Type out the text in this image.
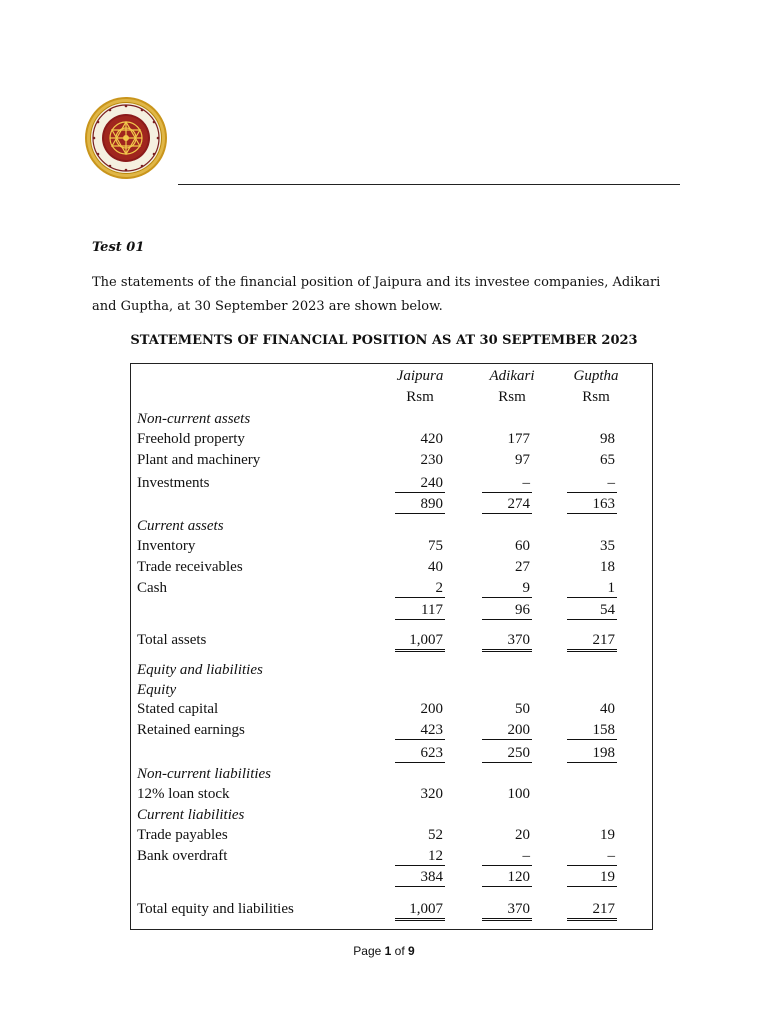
Test 01

The statements of the financial position of Jaipura and its investee companies, Adikari and Guptha, at 30 September 2023 are shown below.

STATEMENTS OF FINANCIAL POSITION AS AT 30 SEPTEMBER 2023
Jaipura	Adikari	Guptha
Rsm	Rsm	Rsm
Non-current assets
Freehold property	420	177	98
Plant and machinery	230	97	65
Investments	240	–	–
890	274	163
Current assets
Inventory	75	60	35
Trade receivables	40	27	18
Cash	2	9	1
117	96	54
Total assets	1,007	370	217
Equity and liabilities
Equity
Stated capital	200	50	40
Retained earnings	423	200	158
623	250	198
Non-current liabilities
12% loan stock	320	100
Current liabilities
Trade payables	52	20	19
Bank overdraft	12	–	–
384	120	19
Total equity and liabilities	1,007	370	217
Page 1 of 9
